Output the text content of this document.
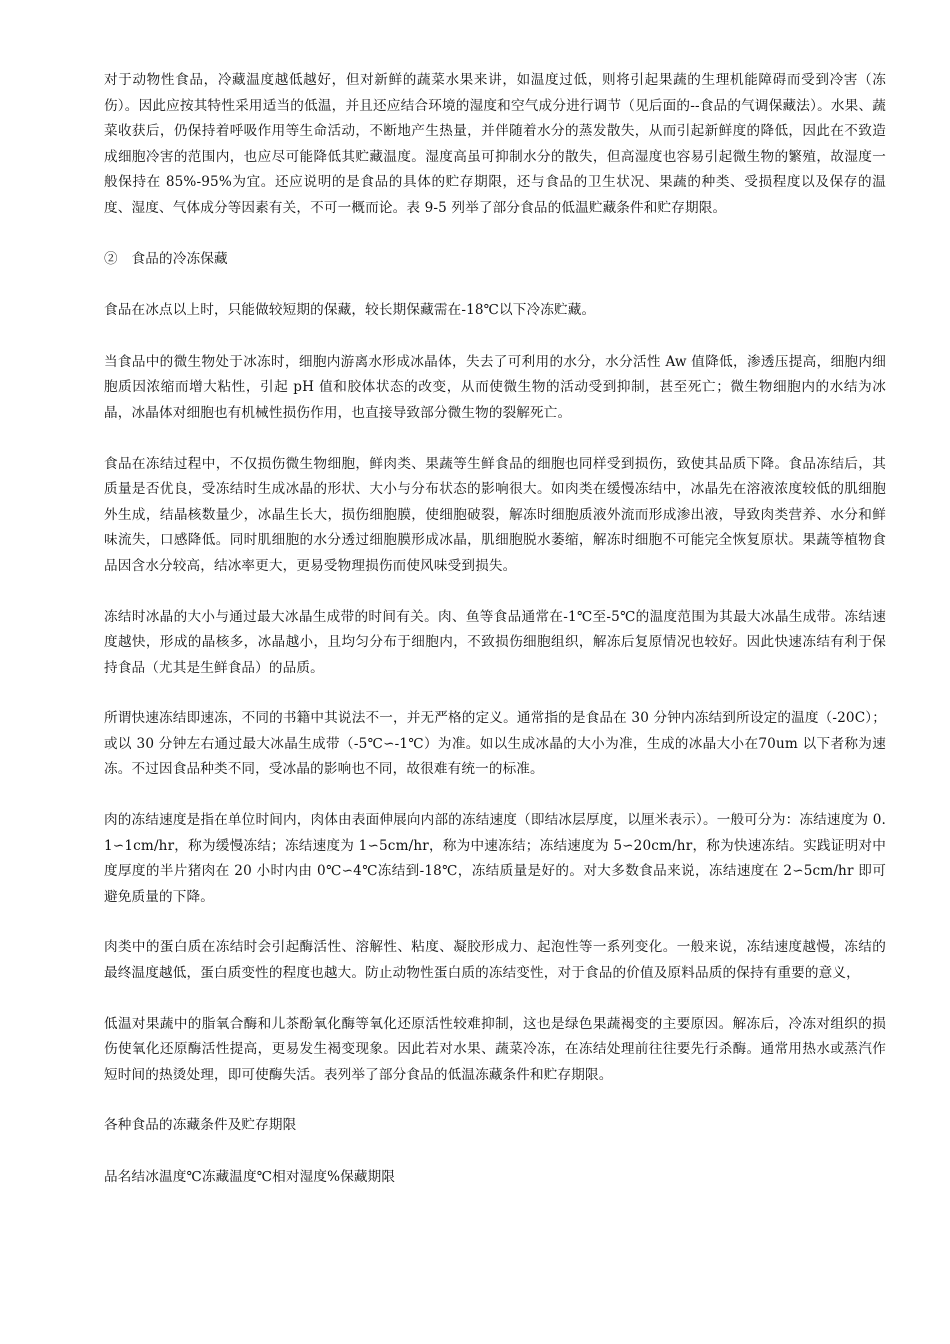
对于动物性食品，冷藏温度越低越好，但对新鲜的蔬菜水果来讲，如温度过低，则将引起果蔬的生理机能障碍而受到冷害（冻伤）。因此应按其特性采用适当的低温，并且还应结合环境的湿度和空气成分进行调节（见后面的--食品的气调保藏法）。水果、蔬菜收获后，仍保持着呼吸作用等生命活动，不断地产生热量，并伴随着水分的蒸发散失，从而引起新鲜度的降低，因此在不致造成细胞冷害的范围内，也应尽可能降低其贮藏温度。湿度高虽可抑制水分的散失，但高湿度也容易引起微生物的繁殖，故湿度一般保持在 85%-95%为宜。还应说明的是食品的具体的贮存期限，还与食品的卫生状况、果蔬的种类、受损程度以及保存的温度、湿度、气体成分等因素有关，不可一概而论。表 9-5 列举了部分食品的低温贮藏条件和贮存期限。

②　食品的冷冻保藏

食品在冰点以上时，只能做较短期的保藏，较长期保藏需在-18℃以下冷冻贮藏。

当食品中的微生物处于冰冻时，细胞内游离水形成冰晶体，失去了可利用的水分，水分活性 Aw 值降低，渗透压提高，细胞内细胞质因浓缩而增大粘性，引起 pH 值和胶体状态的改变，从而使微生物的活动受到抑制，甚至死亡；微生物细胞内的水结为冰晶，冰晶体对细胞也有机械性损伤作用，也直接导致部分微生物的裂解死亡。

食品在冻结过程中，不仅损伤微生物细胞，鲜肉类、果蔬等生鲜食品的细胞也同样受到损伤，致使其品质下降。食品冻结后，其质量是否优良，受冻结时生成冰晶的形状、大小与分布状态的影响很大。如肉类在缓慢冻结中，冰晶先在溶液浓度较低的肌细胞外生成，结晶核数量少，冰晶生长大，损伤细胞膜，使细胞破裂，解冻时细胞质液外流而形成渗出液，导致肉类营养、水分和鲜味流失，口感降低。同时肌细胞的水分透过细胞膜形成冰晶，肌细胞脱水萎缩，解冻时细胞不可能完全恢复原状。果蔬等植物食品因含水分较高，结冰率更大，更易受物理损伤而使风味受到损失。

冻结时冰晶的大小与通过最大冰晶生成带的时间有关。肉、鱼等食品通常在-1℃至-5℃的温度范围为其最大冰晶生成带。冻结速度越快，形成的晶核多，冰晶越小，且均匀分布于细胞内，不致损伤细胞组织，解冻后复原情况也较好。因此快速冻结有利于保持食品（尤其是生鲜食品）的品质。

所谓快速冻结即速冻，不同的书籍中其说法不一，并无严格的定义。通常指的是食品在 30 分钟内冻结到所设定的温度（-20C）；或以 30 分钟左右通过最大冰晶生成带（-5℃∽-1℃）为准。如以生成冰晶的大小为准，生成的冰晶大小在70um 以下者称为速冻。不过因食品种类不同，受冰晶的影响也不同，故很难有统一的标准。

肉的冻结速度是指在单位时间内，肉体由表面伸展向内部的冻结速度（即结冰层厚度，以厘米表示）。一般可分为：冻结速度为 0.1∽1cm/hr，称为缓慢冻结；冻结速度为 1∽5cm/hr，称为中速冻结；冻结速度为 5∽20cm/hr，称为快速冻结。实践证明对中度厚度的半片猪肉在 20 小时内由 0℃∽4℃冻结到-18℃，冻结质量是好的。对大多数食品来说，冻结速度在 2∽5cm/hr 即可避免质量的下降。

肉类中的蛋白质在冻结时会引起酶活性、溶解性、粘度、凝胶形成力、起泡性等一系列变化。一般来说，冻结速度越慢，冻结的最终温度越低，蛋白质变性的程度也越大。防止动物性蛋白质的冻结变性，对于食品的价值及原料品质的保持有重要的意义，

低温对果蔬中的脂氧合酶和儿茶酚氧化酶等氧化还原活性较难抑制，这也是绿色果蔬褐变的主要原因。解冻后，冷冻对组织的损伤使氧化还原酶活性提高，更易发生褐变现象。因此若对水果、蔬菜冷冻，在冻结处理前往往要先行杀酶。通常用热水或蒸汽作短时间的热烫处理，即可使酶失活。表列举了部分食品的低温冻藏条件和贮存期限。

各种食品的冻藏条件及贮存期限

品名结冰温度℃冻藏温度℃相对湿度%保藏期限
